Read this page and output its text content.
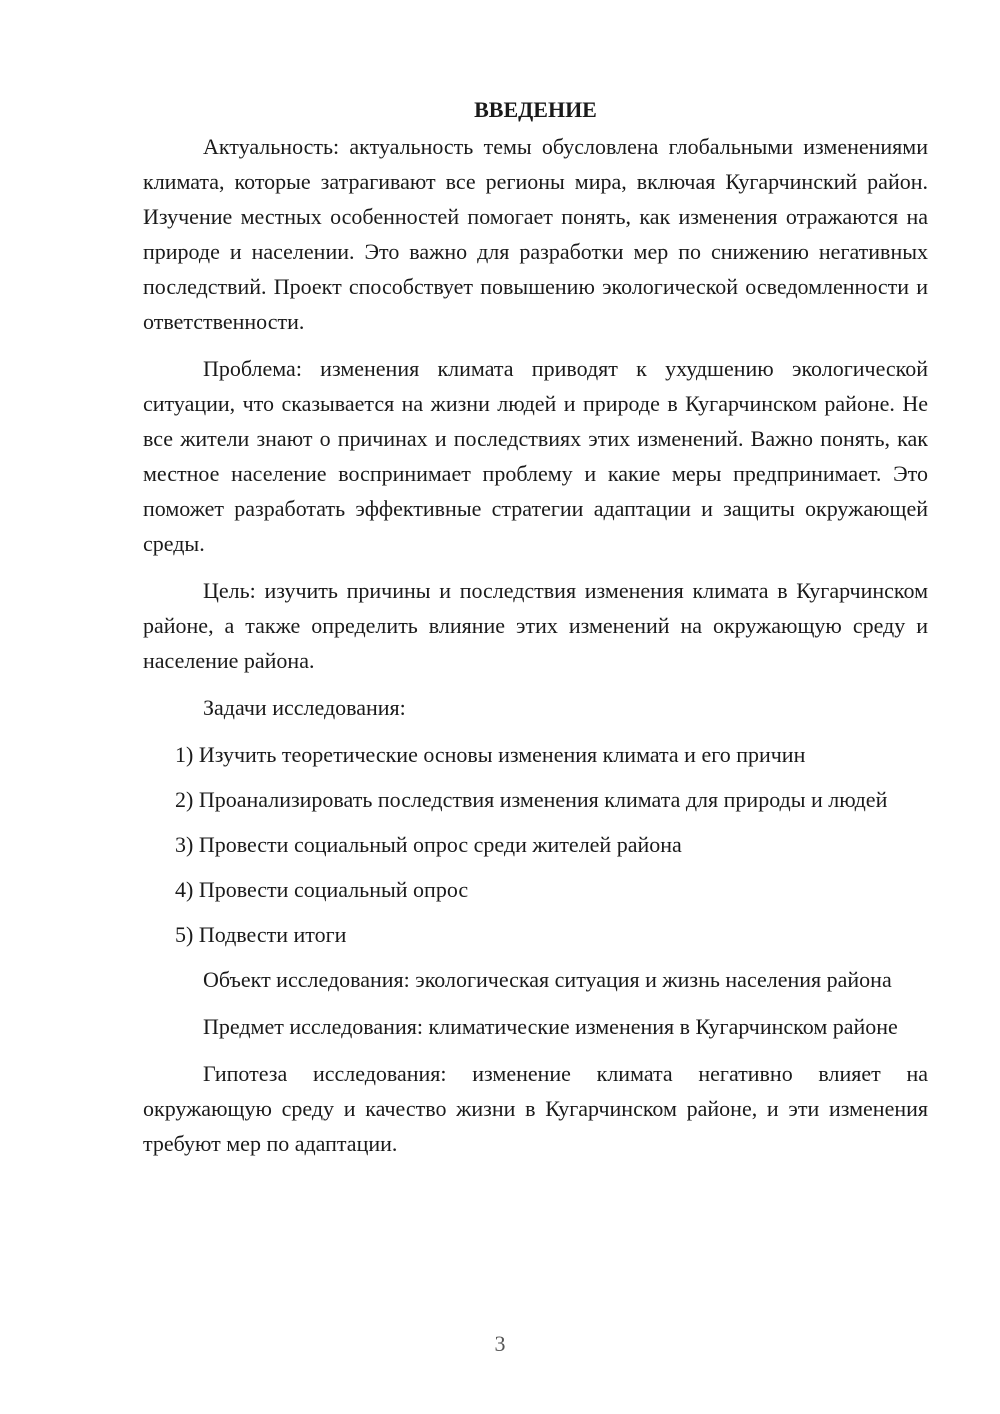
ВВЕДЕНИЕ

Актуальность: актуальность темы обусловлена глобальными изменениями климата, которые затрагивают все регионы мира, включая Кугарчинский район. Изучение местных особенностей помогает понять, как изменения отражаются на природе и населении. Это важно для разработки мер по снижению негативных последствий. Проект способствует повышению экологической осведомленности и ответственности.

Проблема: изменения климата приводят к ухудшению экологической ситуации, что сказывается на жизни людей и природе в Кугарчинском районе. Не все жители знают о причинах и последствиях этих изменений. Важно понять, как местное население воспринимает проблему и какие меры предпринимает. Это поможет разработать эффективные стратегии адаптации и защиты окружающей среды.

Цель: изучить причины и последствия изменения климата в Кугарчинском районе, а также определить влияние этих изменений на окружающую среду и население района.

Задачи исследования:

1) Изучить теоретические основы изменения климата и его причин

2) Проанализировать последствия изменения климата для природы и людей

3) Провести социальный опрос среди жителей района

4) Провести социальный опрос

5) Подвести итоги

Объект исследования: экологическая ситуация и жизнь населения района

Предмет исследования: климатические изменения в Кугарчинском районе

Гипотеза исследования: изменение климата негативно влияет на окружающую среду и качество жизни в Кугарчинском районе, и эти изменения требуют мер по адаптации.

3
